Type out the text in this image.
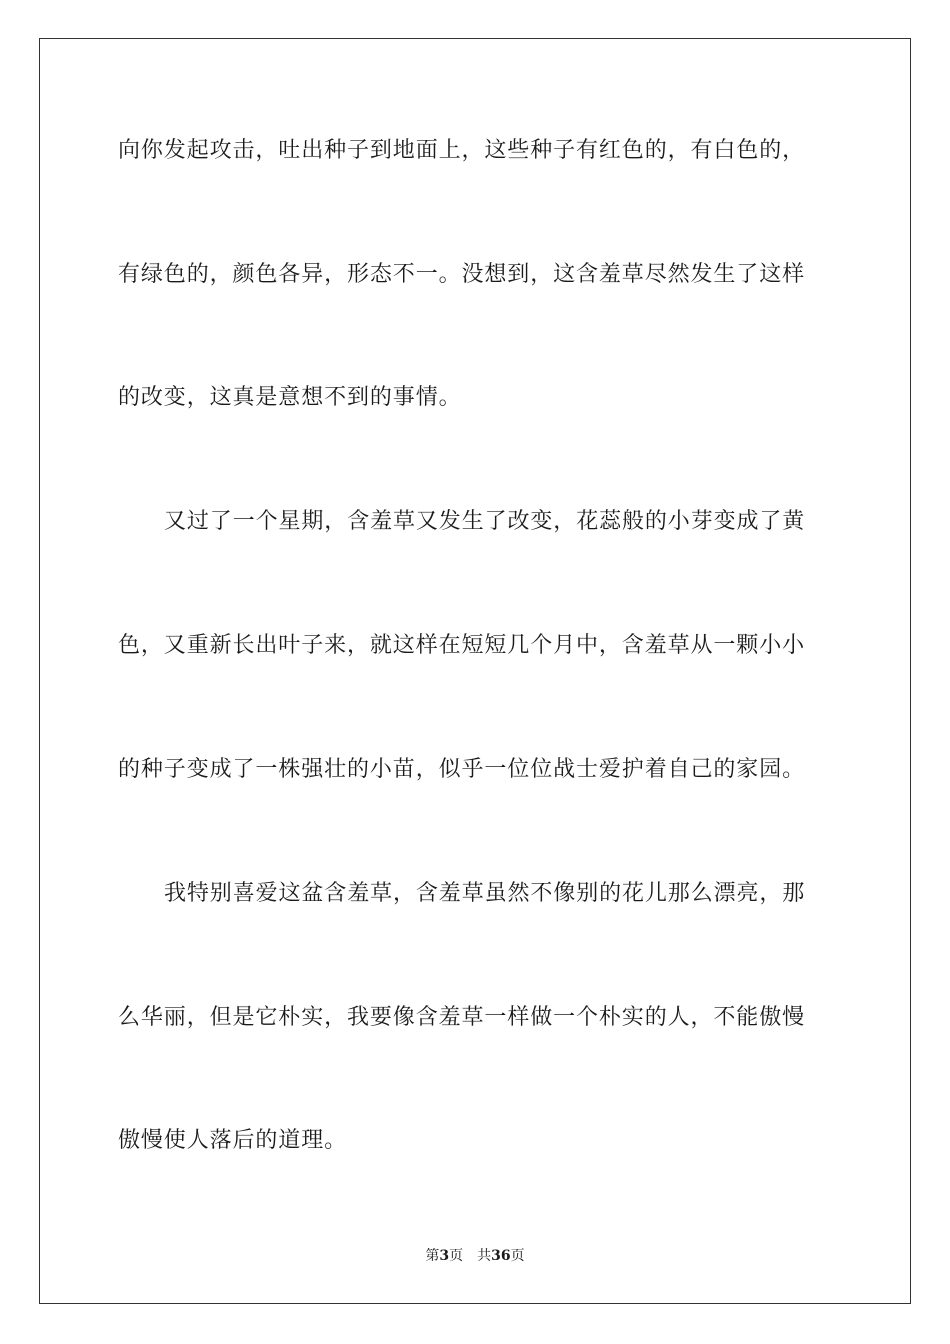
向你发起攻击，吐出种子到地面上，这些种子有红色的，有白色的，
有绿色的，颜色各异，形态不一。没想到，这含羞草尽然发生了这样
的改变，这真是意想不到的事情。
又过了一个星期，含羞草又发生了改变，花蕊般的小芽变成了黄
色，又重新长出叶子来，就这样在短短几个月中，含羞草从一颗小小
的种子变成了一株强壮的小苗，似乎一位位战士爱护着自己的家园。
我特别喜爱这盆含羞草，含羞草虽然不像别的花儿那么漂亮，那
么华丽，但是它朴实，我要像含羞草一样做一个朴实的人，不能傲慢
傲慢使人落后的道理。
第3页 共36页
